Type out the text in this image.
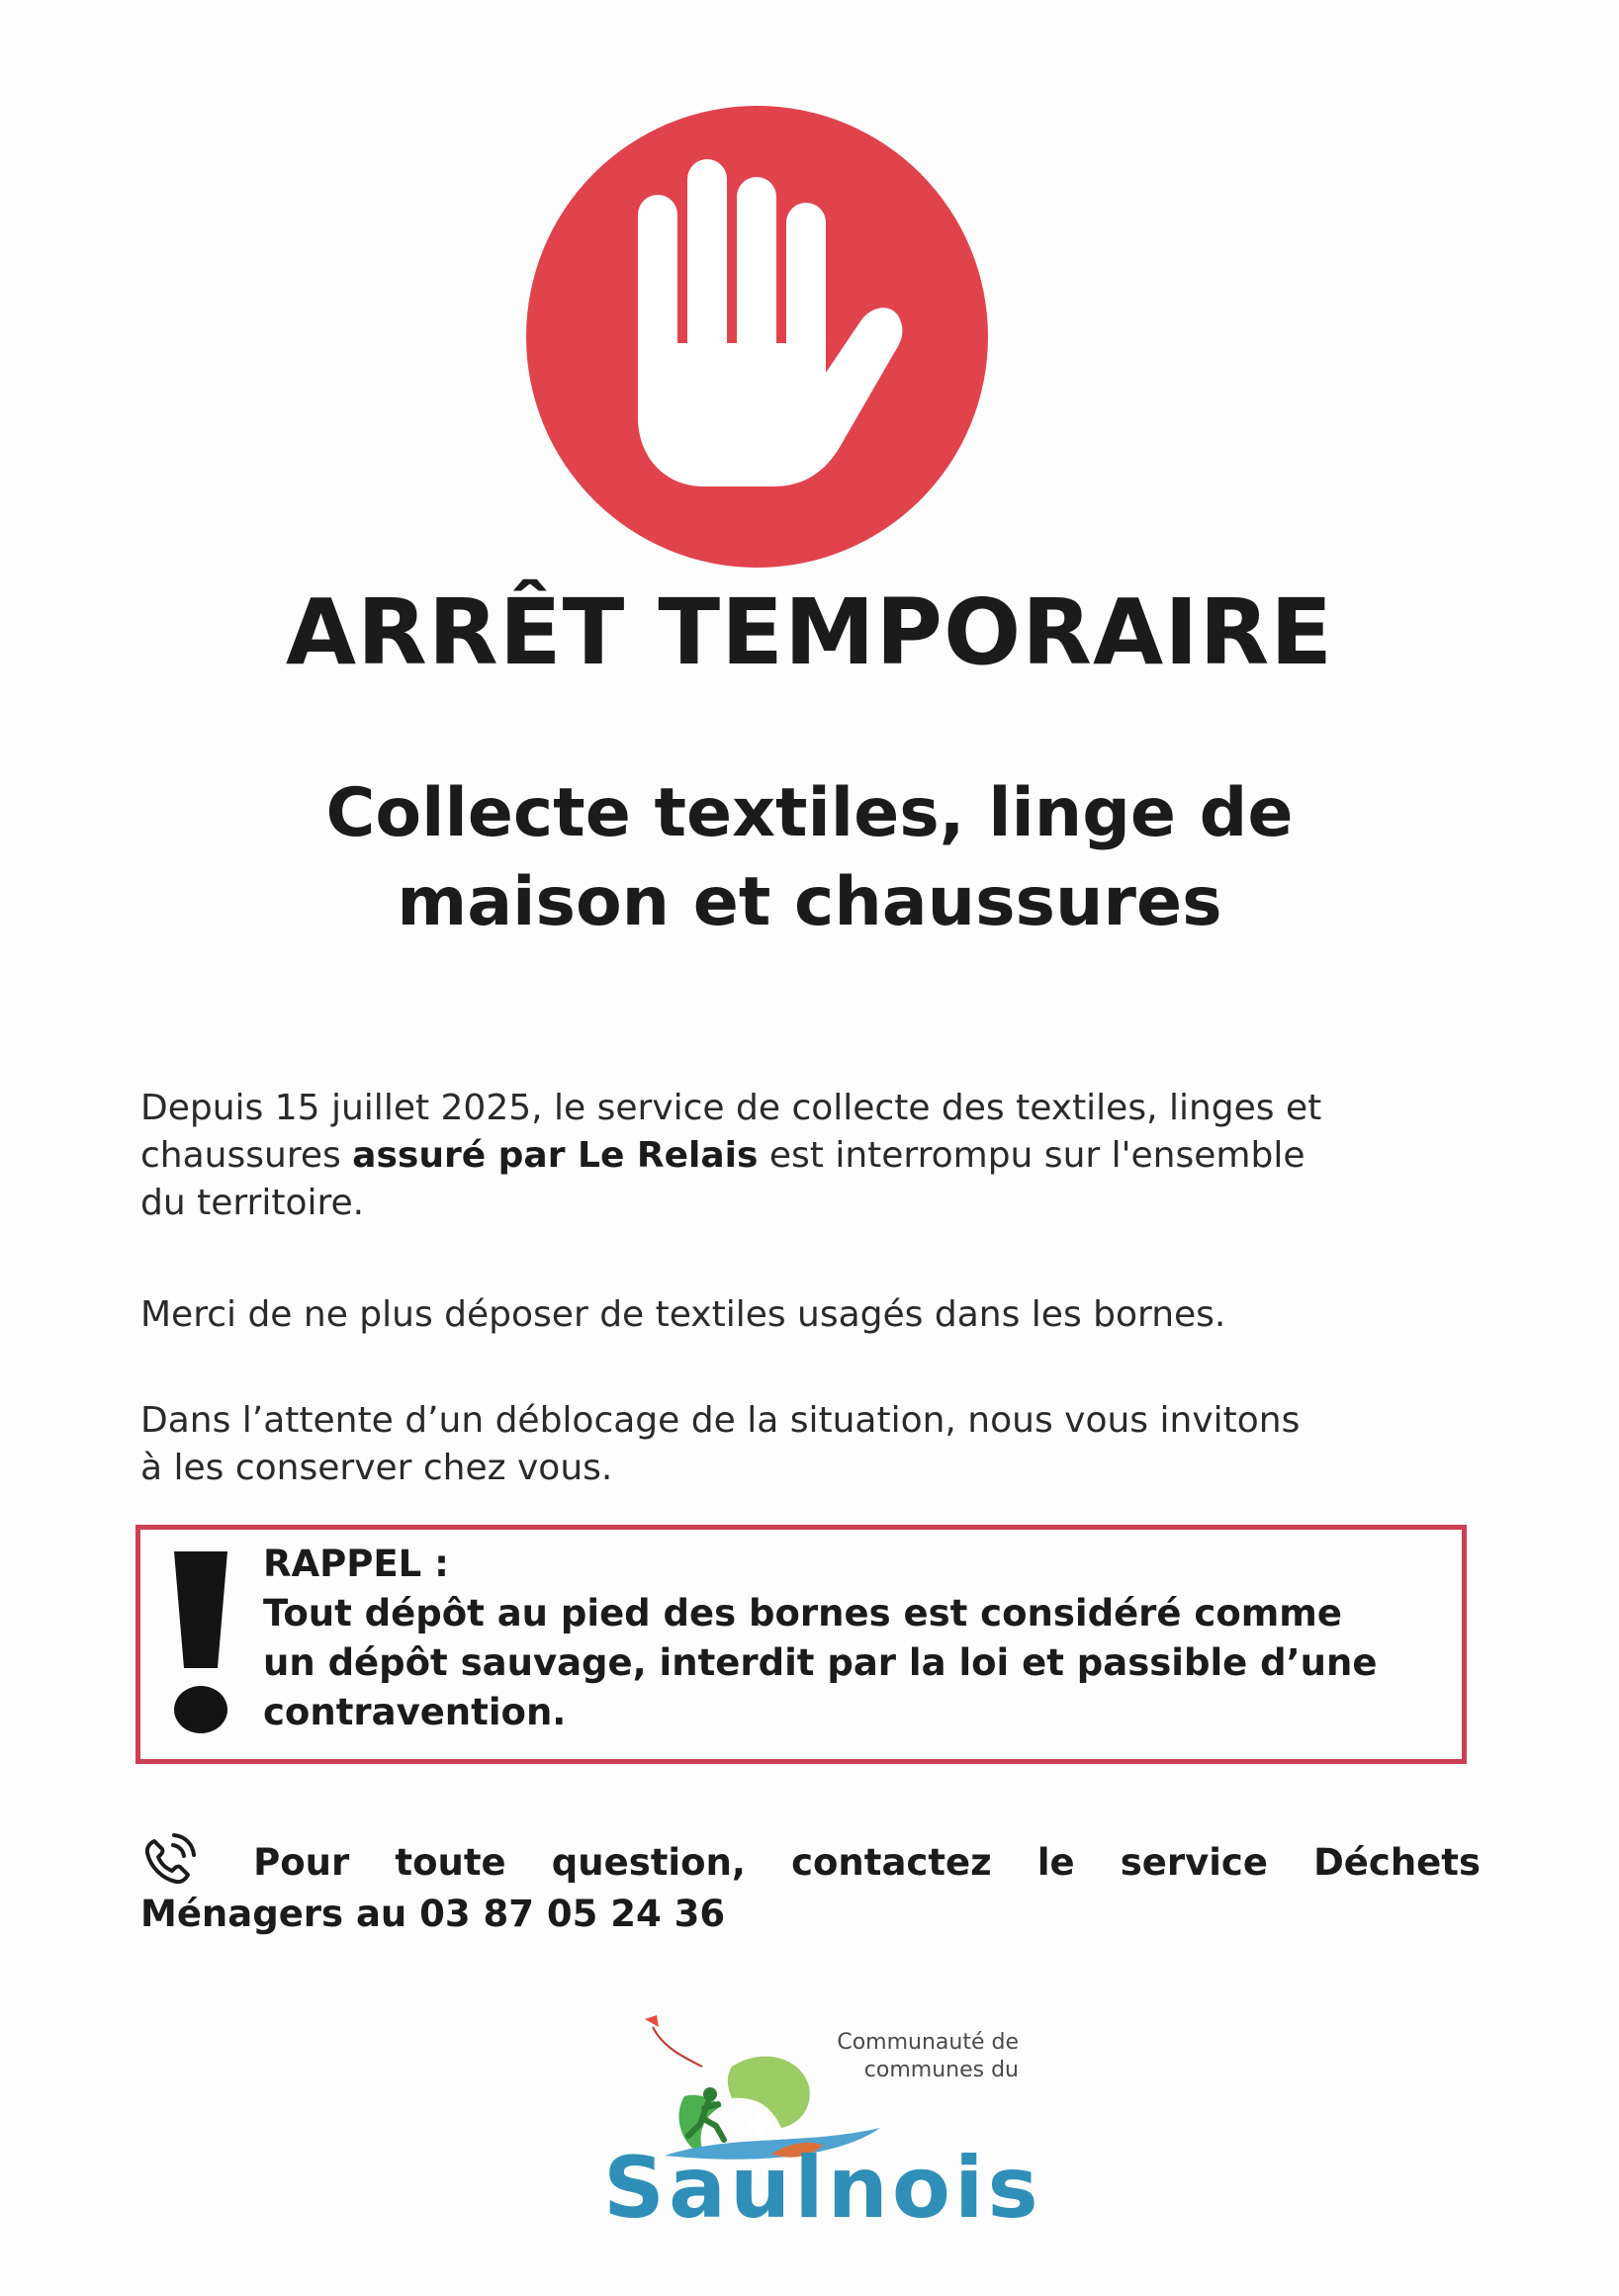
ARRÊT TEMPORAIRE
Collecte textiles, linge de
maison et chaussures
Depuis 15 juillet 2025, le service de collecte des textiles, linges et
chaussures assuré par Le Relais est interrompu sur l'ensemble
du territoire.
Merci de ne plus déposer de textiles usagés dans les bornes.
Dans l’attente d’un déblocage de la situation, nous vous invitons
à les conserver chez vous.
RAPPEL :
Tout dépôt au pied des bornes est considéré comme
un dépôt sauvage, interdit par la loi et passible d’une
contravention.
Pour toute question, contactez le service Déchets
Ménagers au 03 87 05 24 36
Communauté de
communes du
Saulnois
